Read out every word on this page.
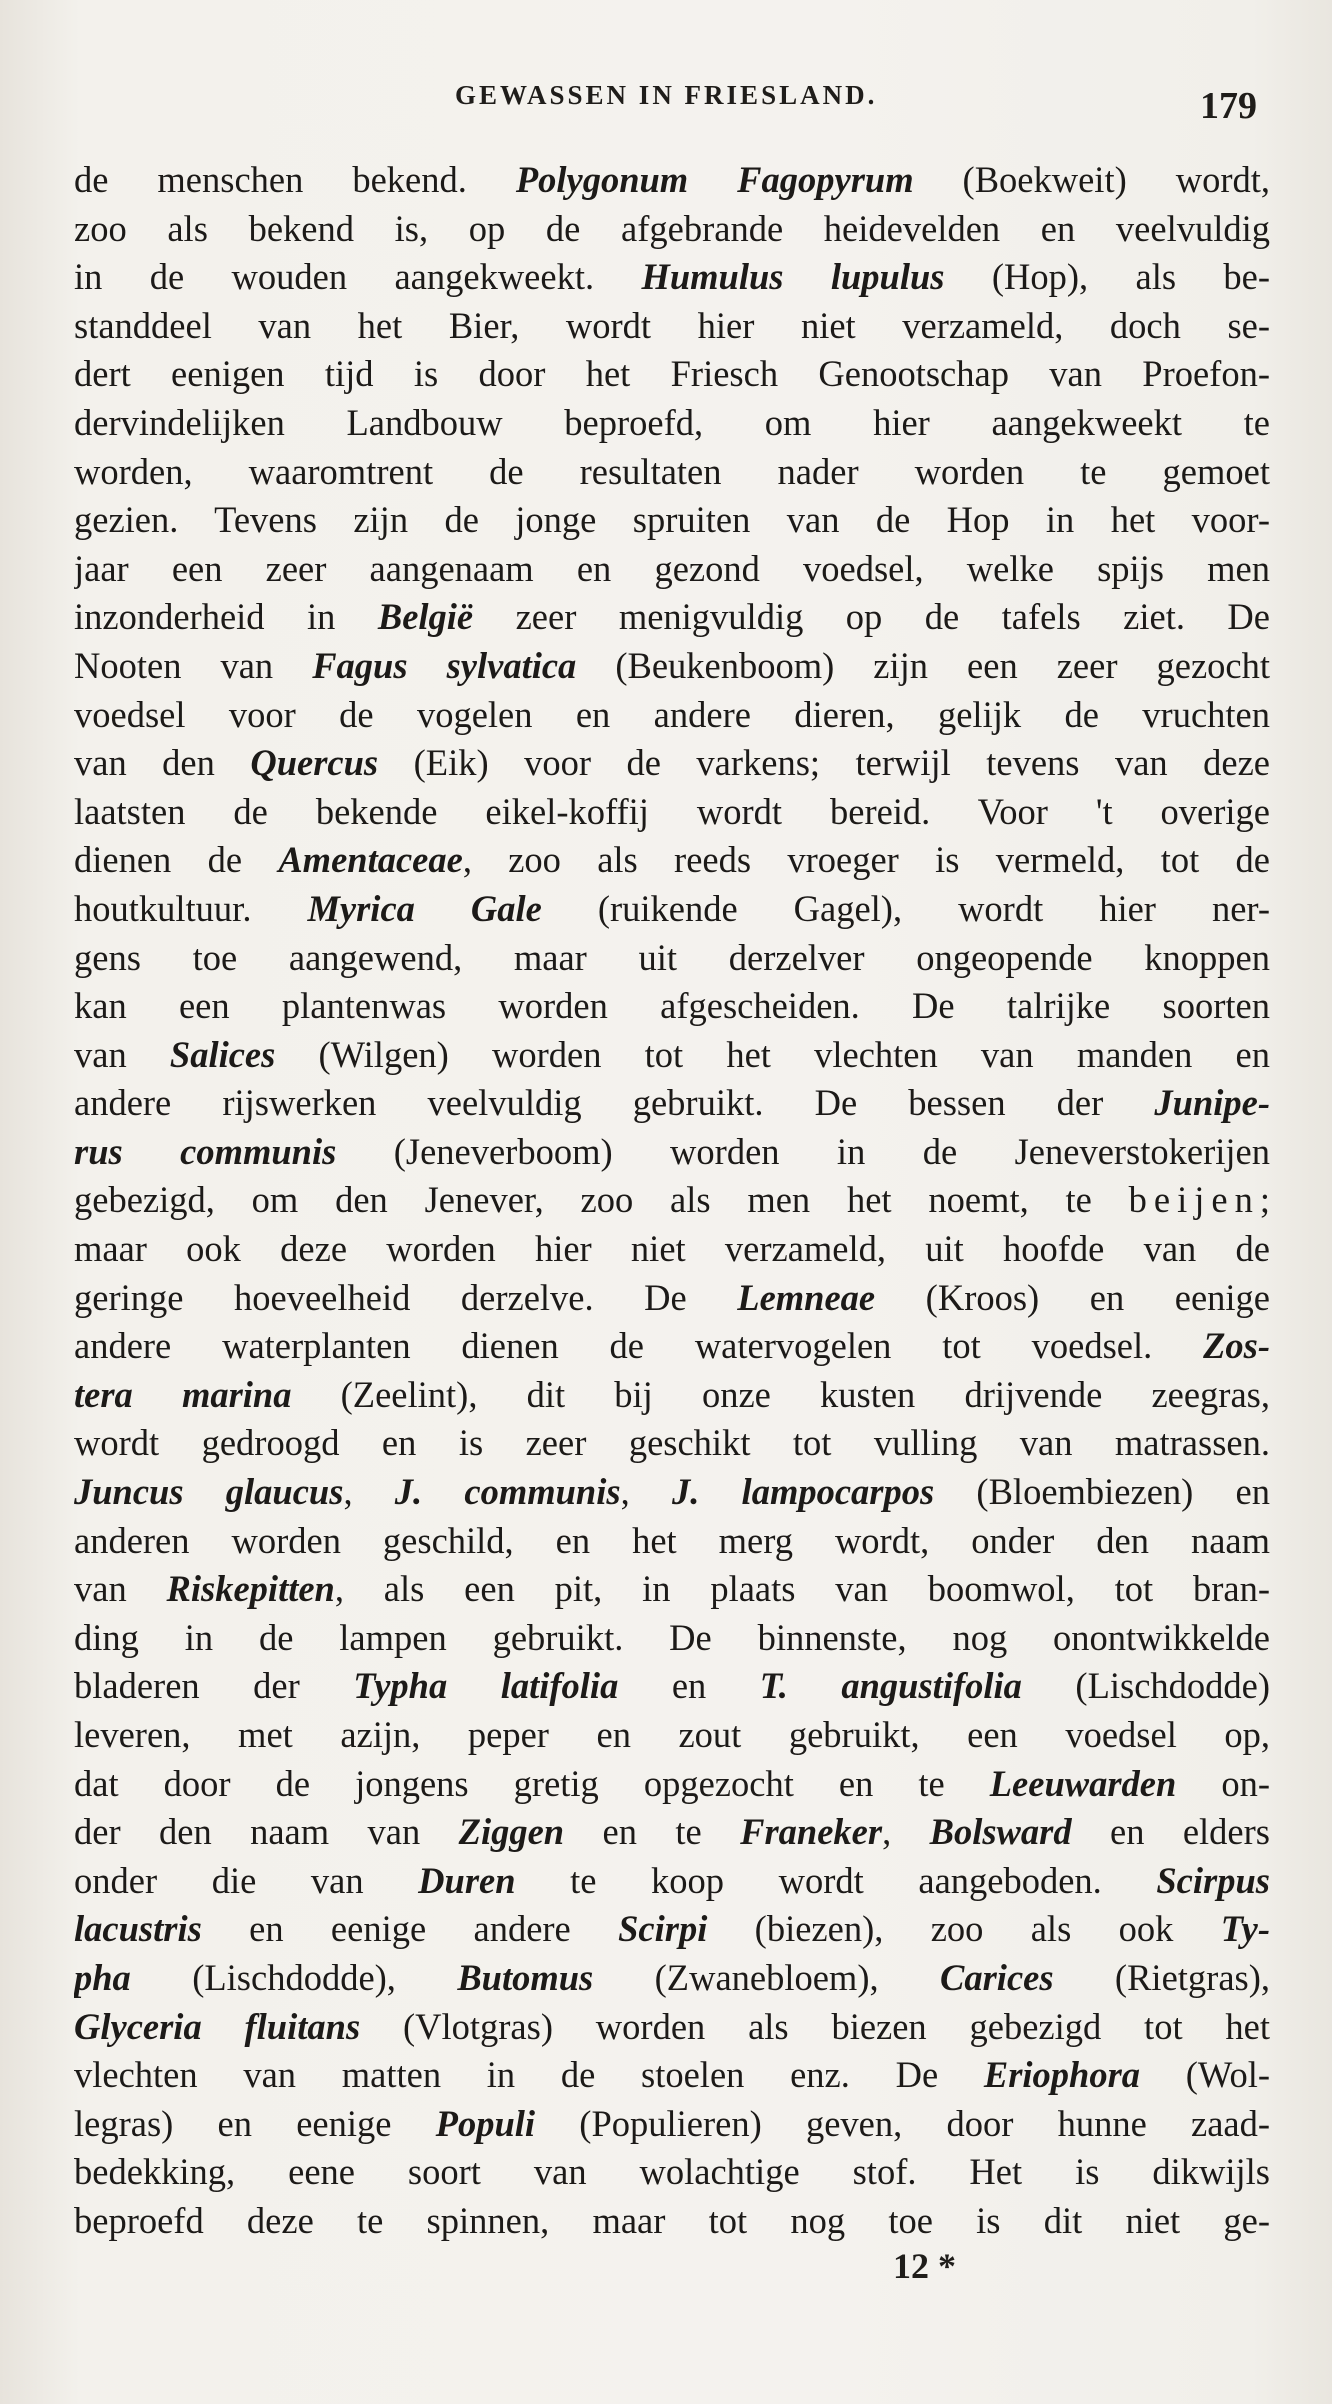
GEWASSEN IN FRIESLAND.	179
de menschen bekend. Polygonum Fagopyrum (Boekweit) wordt,
zoo als bekend is, op de afgebrande heidevelden en veelvuldig
in de wouden aangekweekt. Humulus lupulus (Hop), als be-
standdeel van het Bier, wordt hier niet verzameld, doch se-
dert eenigen tijd is door het Friesch Genootschap van Proefon-
dervindelijken Landbouw beproefd, om hier aangekweekt te
worden, waaromtrent de resultaten nader worden te gemoet
gezien. Tevens zijn de jonge spruiten van de Hop in het voor-
jaar een zeer aangenaam en gezond voedsel, welke spijs men
inzonderheid in België zeer menigvuldig op de tafels ziet. De
Nooten van Fagus sylvatica (Beukenboom) zijn een zeer gezocht
voedsel voor de vogelen en andere dieren, gelijk de vruchten
van den Quercus (Eik) voor de varkens; terwijl tevens van deze
laatsten de bekende eikel-koffij wordt bereid. Voor 't overige
dienen de Amentaceae, zoo als reeds vroeger is vermeld, tot de
houtkultuur. Myrica Gale (ruikende Gagel), wordt hier ner-
gens toe aangewend, maar uit derzelver ongeopende knoppen
kan een plantenwas worden afgescheiden. De talrijke soorten
van Salices (Wilgen) worden tot het vlechten van manden en
andere rijswerken veelvuldig gebruikt. De bessen der Junipe-
rus communis (Jeneverboom) worden in de Jeneverstokerijen
gebezigd, om den Jenever, zoo als men het noemt, te beijen;
maar ook deze worden hier niet verzameld, uit hoofde van de
geringe hoeveelheid derzelve. De Lemneae (Kroos) en eenige
andere waterplanten dienen de watervogelen tot voedsel. Zos-
tera marina (Zeelint), dit bij onze kusten drijvende zeegras,
wordt gedroogd en is zeer geschikt tot vulling van matrassen.
Juncus glaucus, J. communis, J. lampocarpos (Bloembiezen) en
anderen worden geschild, en het merg wordt, onder den naam
van Riskepitten, als een pit, in plaats van boomwol, tot bran-
ding in de lampen gebruikt. De binnenste, nog onontwikkelde
bladeren der Typha latifolia en T. angustifolia (Lischdodde)
leveren, met azijn, peper en zout gebruikt, een voedsel op,
dat door de jongens gretig opgezocht en te Leeuwarden on-
der den naam van Ziggen en te Franeker, Bolsward en elders
onder die van Duren te koop wordt aangeboden. Scirpus
lacustris en eenige andere Scirpi (biezen), zoo als ook Ty-
pha (Lischdodde), Butomus (Zwanebloem), Carices (Rietgras),
Glyceria fluitans (Vlotgras) worden als biezen gebezigd tot het
vlechten van matten in de stoelen enz. De Eriophora (Wol-
legras) en eenige Populi (Populieren) geven, door hunne zaad-
bedekking, eene soort van wolachtige stof. Het is dikwijls
beproefd deze te spinnen, maar tot nog toe is dit niet ge-
12 *
